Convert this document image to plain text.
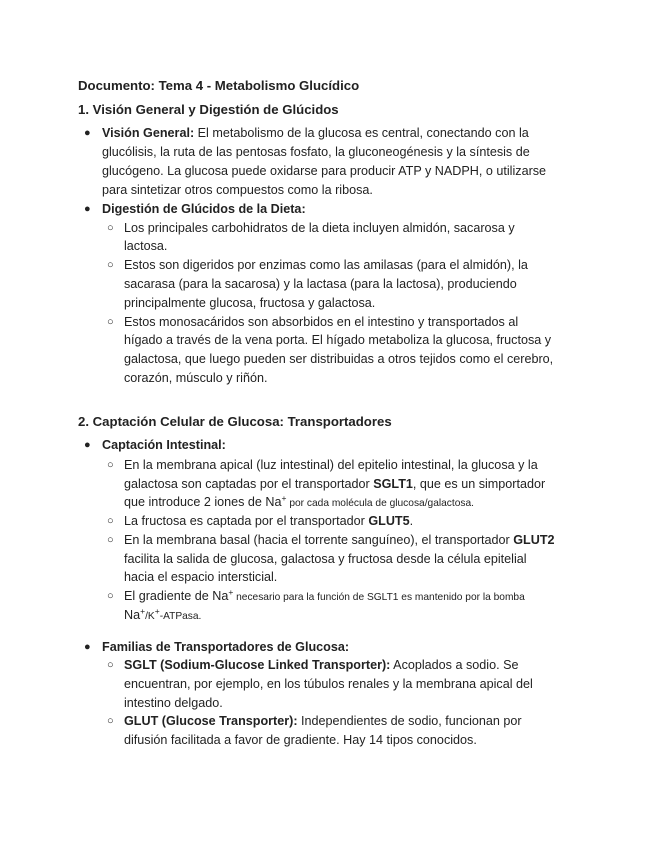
Documento: Tema 4 - Metabolismo Glucídico
1. Visión General y Digestión de Glúcidos
● Visión General: El metabolismo de la glucosa es central, conectando con la
glucólisis, la ruta de las pentosas fosfato, la gluconeogénesis y la síntesis de
glucógeno. La glucosa puede oxidarse para producir ATP y NADPH, o utilizarse
para sintetizar otros compuestos como la ribosa.
● Digestión de Glúcidos de la Dieta:
○ Los principales carbohidratos de la dieta incluyen almidón, sacarosa y
lactosa.
○ Estos son digeridos por enzimas como las amilasas (para el almidón), la
sacarasa (para la sacarosa) y la lactasa (para la lactosa), produciendo
principalmente glucosa, fructosa y galactosa.
○ Estos monosacáridos son absorbidos en el intestino y transportados al
hígado a través de la vena porta. El hígado metaboliza la glucosa, fructosa y
galactosa, que luego pueden ser distribuidas a otros tejidos como el cerebro,
corazón, músculo y riñón.
2. Captación Celular de Glucosa: Transportadores
● Captación Intestinal:
○ En la membrana apical (luz intestinal) del epitelio intestinal, la glucosa y la
galactosa son captadas por el transportador SGLT1, que es un simportador
que introduce 2 iones de Na+ por cada molécula de glucosa/galactosa.
○ La fructosa es captada por el transportador GLUT5.
○ En la membrana basal (hacia el torrente sanguíneo), el transportador GLUT2
facilita la salida de glucosa, galactosa y fructosa desde la célula epitelial
hacia el espacio intersticial.
○ El gradiente de Na+ necesario para la función de SGLT1 es mantenido por la bomba
Na+/K+-ATPasa.
● Familias de Transportadores de Glucosa:
○ SGLT (Sodium-Glucose Linked Transporter): Acoplados a sodio. Se
encuentran, por ejemplo, en los túbulos renales y la membrana apical del
intestino delgado.
○ GLUT (Glucose Transporter): Independientes de sodio, funcionan por
difusión facilitada a favor de gradiente. Hay 14 tipos conocidos.
